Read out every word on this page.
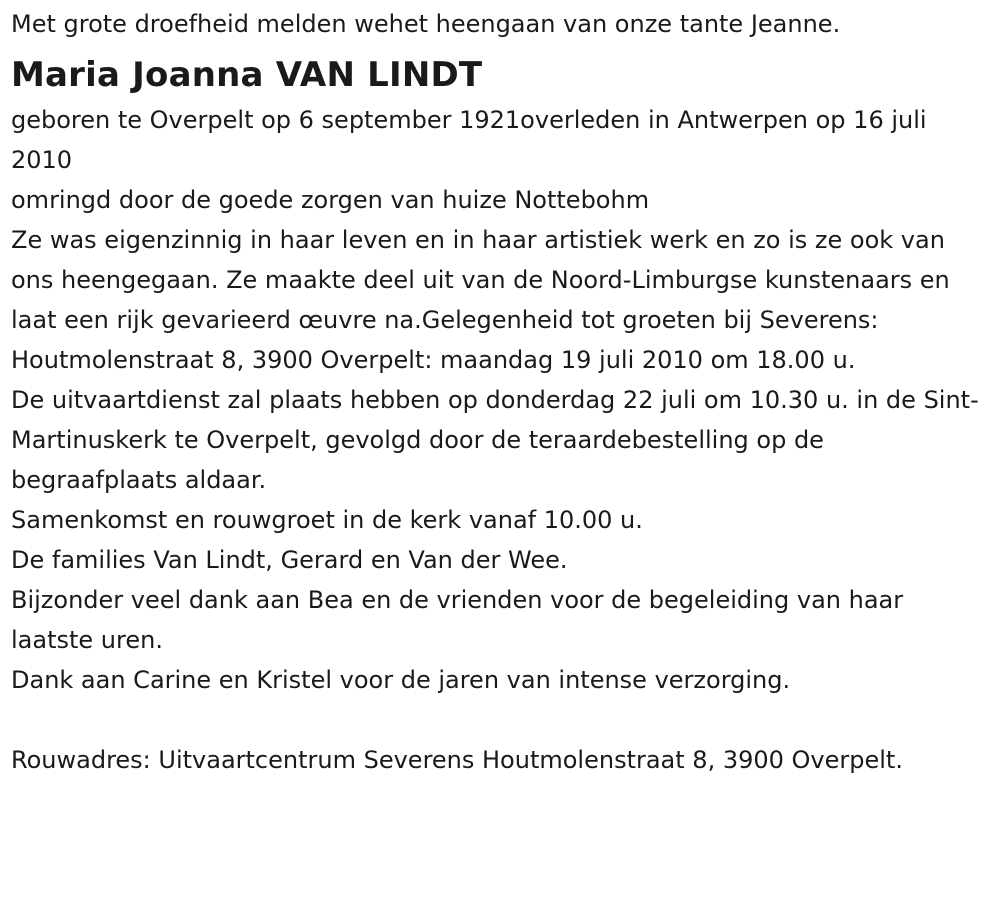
Met grote droefheid melden wehet heengaan van onze tante Jeanne.

Maria Joanna VAN LINDT

geboren te Overpelt op 6 september 1921overleden in Antwerpen op 16 juli 2010

omringd door de goede zorgen van huize Nottebohm

Ze was eigenzinnig in haar leven en in haar artistiek werk en zo is ze ook van ons heengegaan. Ze maakte deel uit van de Noord-Limburgse kunstenaars en laat een rijk gevarieerd œuvre na.Gelegenheid tot groeten bij Severens: Houtmolenstraat 8, 3900 Overpelt: maandag 19 juli 2010 om 18.00 u.

De uitvaartdienst zal plaats hebben op donderdag 22 juli om 10.30 u. in de Sint-Martinuskerk te Overpelt, gevolgd door de teraardebestelling op de begraafplaats aldaar.

Samenkomst en rouwgroet in de kerk vanaf 10.00 u.

De families Van Lindt, Gerard en Van der Wee.

Bijzonder veel dank aan Bea en de vrienden voor de begeleiding van haar laatste uren.

Dank aan Carine en Kristel voor de jaren van intense verzorging.

Rouwadres: Uitvaartcentrum Severens Houtmolenstraat 8, 3900 Overpelt.
